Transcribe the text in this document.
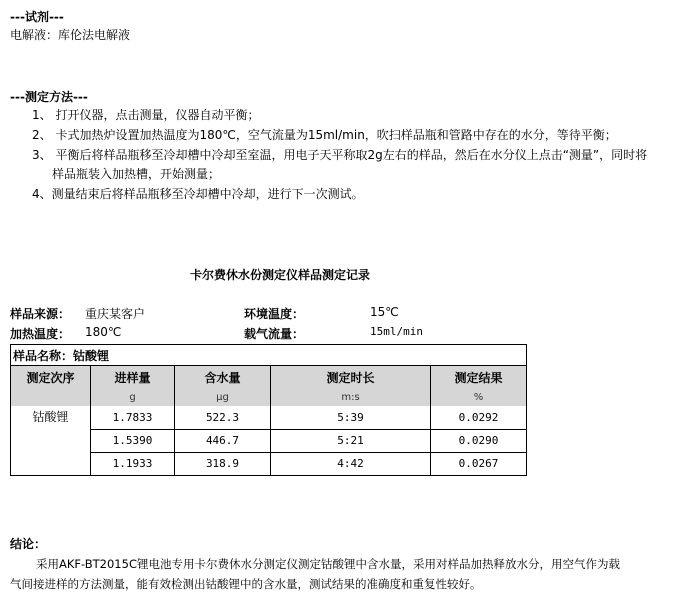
---试剂---
电解液：库伦法电解液
---测定方法---
1、 打开仪器，点击测量，仪器自动平衡；
2、 卡式加热炉设置加热温度为180℃，空气流量为15ml/min，吹扫样品瓶和管路中存在的水分，等待平衡；
3、 平衡后将样品瓶移至冷却槽中冷却至室温，用电子天平称取2g左右的样品，然后在水分仪上点击“测量”，同时将
样品瓶装入加热槽，开始测量；
4、测量结束后将样品瓶移至冷却槽中冷却，进行下一次测试。
卡尔费休水份测定仪样品测定记录
样品来源： 重庆某客户	环境温度：	15℃
加热温度： 180℃	载气流量：	15ml/min
样品名称：钴酸锂				
测定次序	进样量	含水量	测定时长	测定结果
	g	μg	m:s	%
钴酸锂	1.7833	522.3	5:39	0.0292
	1.5390	446.7	5:21	0.0290
	1.1933	318.9	4:42	0.0267
结论：
采用AKF-BT2015C锂电池专用卡尔费休水分测定仪测定钴酸锂中含水量，采用对样品加热释放水分，用空气作为载
气间接进样的方法测量，能有效检测出钴酸锂中的含水量，测试结果的准确度和重复性较好。
